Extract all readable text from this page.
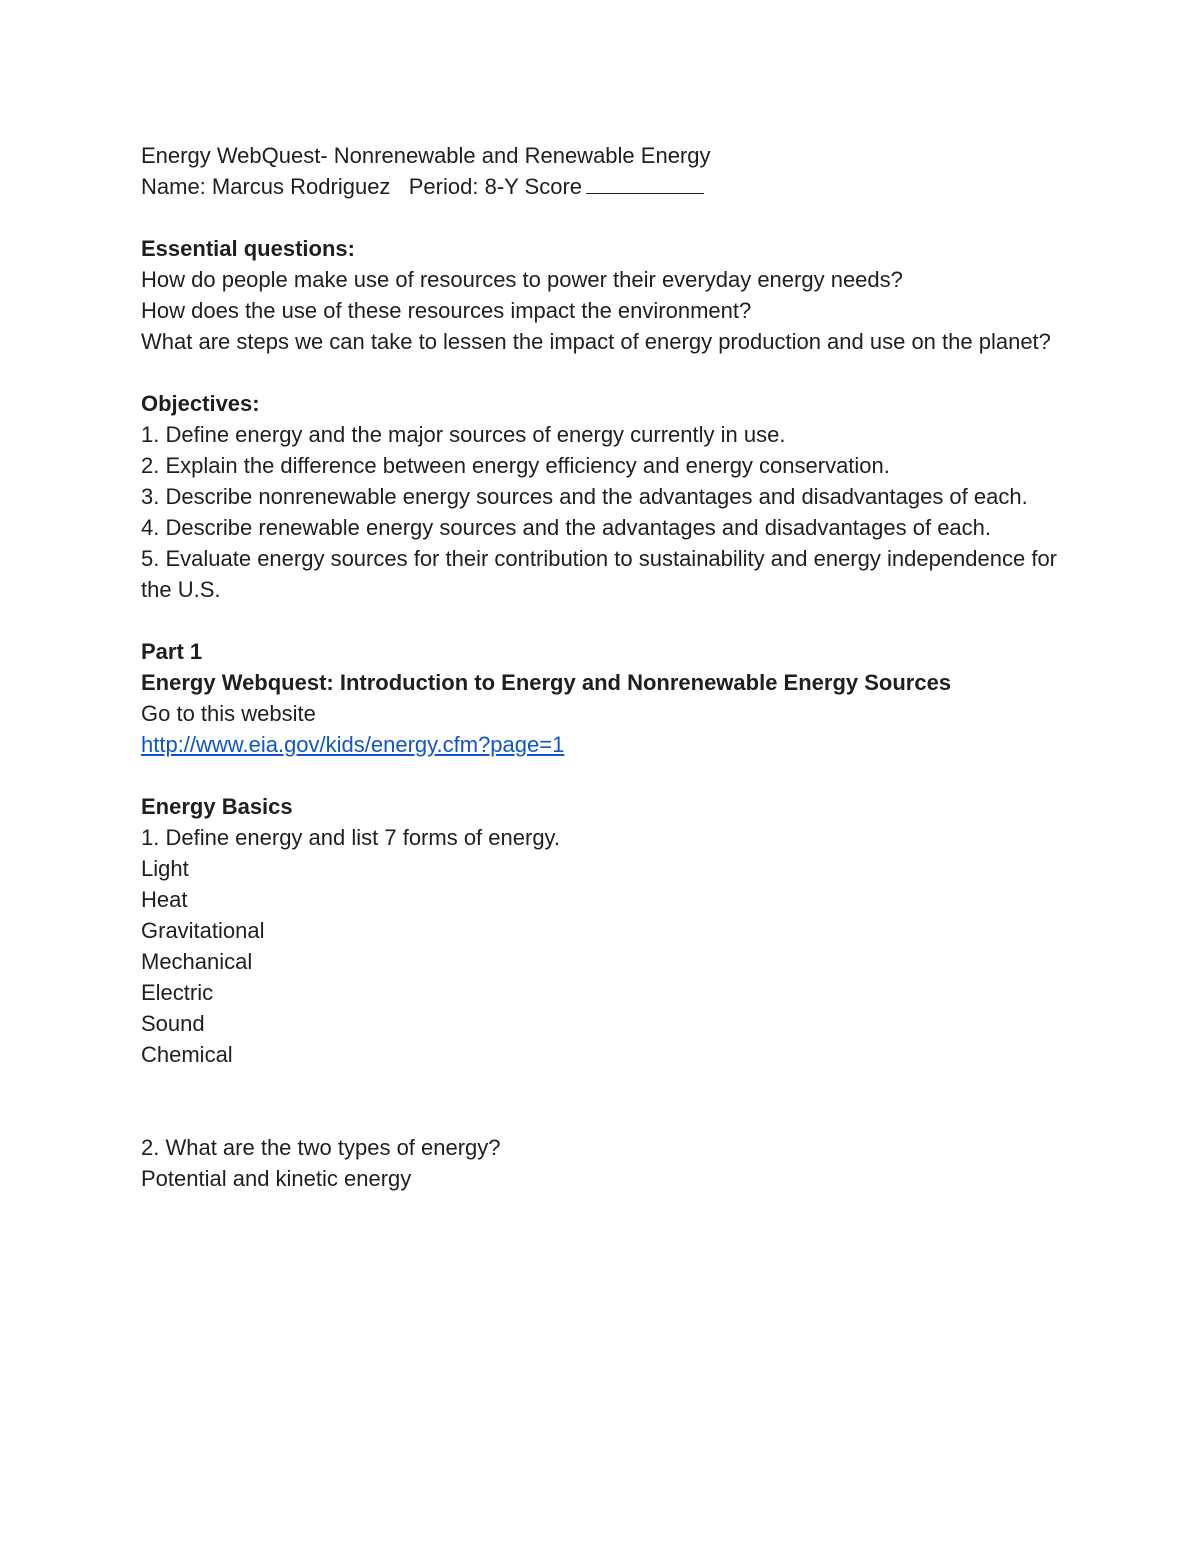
Energy WebQuest- Nonrenewable and Renewable Energy
Name: Marcus Rodriguez   Period: 8-Y Score
Essential questions:
How do people make use of resources to power their everyday energy needs?
How does the use of these resources impact the environment?
What are steps we can take to lessen the impact of energy production and use on the planet?
Objectives:
1. Define energy and the major sources of energy currently in use.
2. Explain the difference between energy efficiency and energy conservation.
3. Describe nonrenewable energy sources and the advantages and disadvantages of each.
4. Describe renewable energy sources and the advantages and disadvantages of each.
5. Evaluate energy sources for their contribution to sustainability and energy independence for the U.S.
Part 1
Energy Webquest: Introduction to Energy and Nonrenewable Energy Sources
Go to this website
http://www.eia.gov/kids/energy.cfm?page=1
Energy Basics
1. Define energy and list 7 forms of energy.
Light
Heat
Gravitational
Mechanical
Electric
Sound
Chemical
2. What are the two types of energy?
Potential and kinetic energy
